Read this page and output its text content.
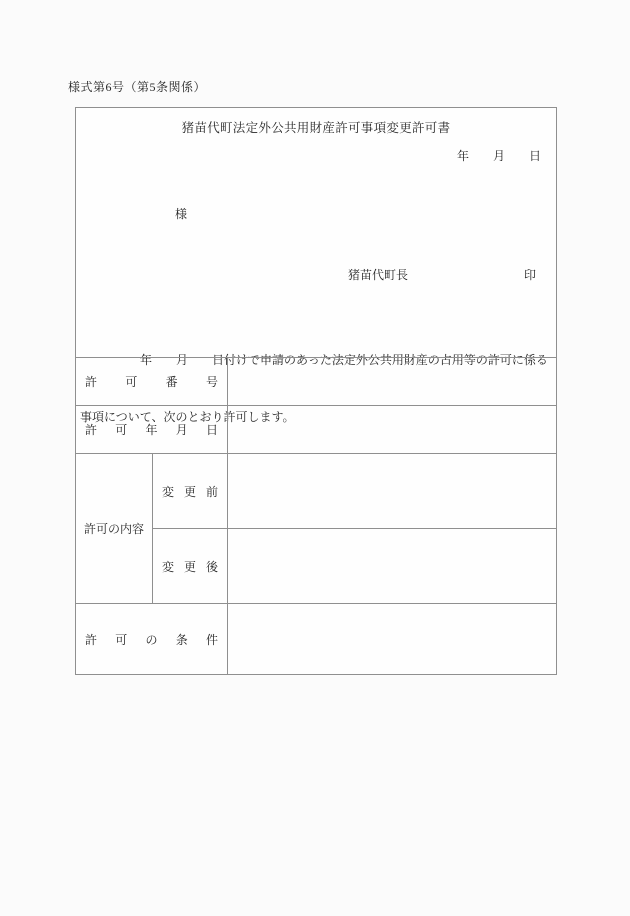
様式第6号（第5条関係）
猪苗代町法定外公共用財産許可事項変更許可書
年　　月　　日
様
猪苗代町長	印

　　　　　年　　月　　日付けで申請のあった法定外公共用財産の占用等の許可に係る

事項について、次のとおり許可します。

許 可 番 号
許 可 年 月 日
許可の内容
変 更 前
変 更 後
許 可 の 条 件
